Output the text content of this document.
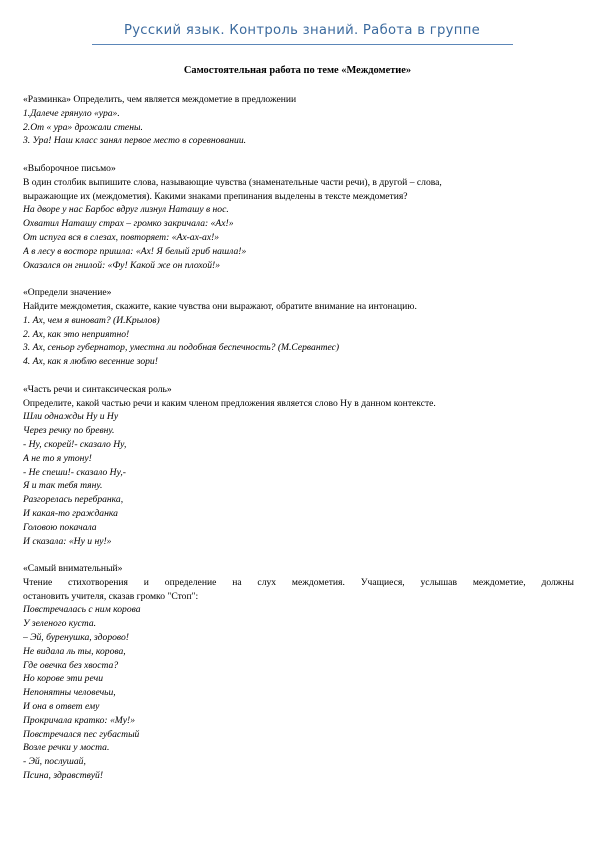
Русский язык. Контроль знаний. Работа в группе
Самостоятельная работа по теме «Междометие»
«Разминка» Определить, чем является междометие в предложении
1.Далече грянуло «ура».
2.От « ура» дрожали стены.
3. Ура! Наш класс занял первое место в соревновании.
«Выборочное письмо»
В один столбик выпишите слова, называющие чувства (знаменательные части речи), в другой – слова,
выражающие их (междометия). Какими знаками препинания выделены в тексте междометия?
На дворе у нас Барбос вдруг лизнул Наташу в нос.
Охватил Наташу страх – громко закричала: «Ах!»
От испуга вся в слезах, повторяет: «Ах-ах-ах!»
А в лесу в восторг пришла: «Ах! Я белый гриб нашла!»
Оказался он гнилой: «Фу! Какой же он плохой!»
«Определи значение»
Найдите междометия, скажите, какие чувства они выражают, обратите внимание на интонацию.
1. Ах, чем я виноват? (И.Крылов)
2. Ах, как это неприятно!
3. Ах, сеньор губернатор, уместна ли подобная беспечность? (М.Сервантес)
4. Ах, как я люблю весенние зори!
«Часть речи и синтаксическая роль»
Определите, какой частью речи и каким членом предложения является слово Ну в данном контексте.
Шли однажды Ну и Ну
Через речку по бревну.
- Ну, скорей!- сказало Ну,
А не то я утону!
- Не спеши!- сказало Ну,-
Я и так тебя тяну.
Разгорелась перебранка,
И какая-то гражданка
Головою покачала
И сказала: «Ну и ну!»
«Самый внимательный»
Чтение стихотворения и определение на слух междометия. Учащиеся, услышав междометие, должны
остановить учителя, сказав громко "Стоп":
Повстречалась с ним корова
У зеленого куста.
– Эй, буренушка, здорово!
Не видала ль ты, корова,
Где овечка без хвоста?
Но корове эти речи
Непонятны человечьи,
И она в ответ ему
Прокричала кратко: «Му!»
Повстречался пес губастый
Возле речки у моста.
- Эй, послушай,
Псина, здравствуй!
